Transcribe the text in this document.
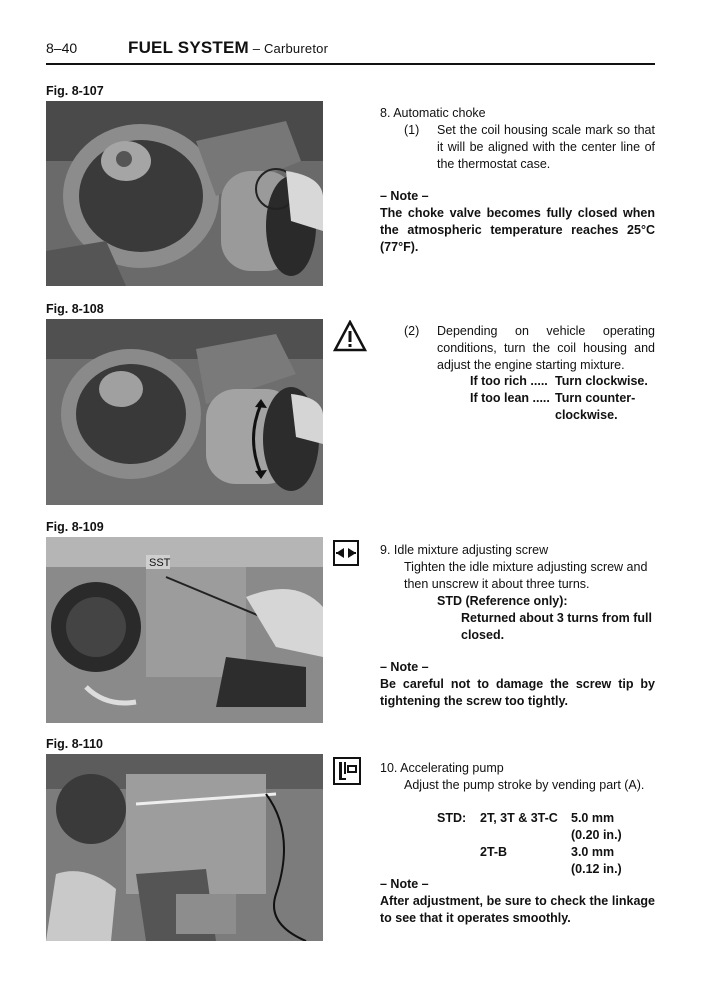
8–40	FUEL SYSTEM – Carburetor
Fig. 8-107
Fig. 8-108
Fig. 8-109
SST
Fig. 8-110
8. Automatic choke
(1) Set the coil housing scale mark so that it will be aligned with the center line of the thermostat case.
– Note –
The choke valve becomes fully closed when the atmospheric temperature reaches 25°C (77°F).
(2) Depending on vehicle operating conditions, turn the coil housing and adjust the engine starting mixture.
If too rich ..... Turn clockwise.
If too lean ..... Turn counter-
clockwise.
9. Idle mixture adjusting screw
Tighten the idle mixture adjusting screw and then unscrew it about three turns.
STD (Reference only):
Returned about 3 turns from full closed.
– Note –
Be careful not to damage the screw tip by tightening the screw too tightly.
10. Accelerating pump
Adjust the pump stroke by vending part (A).
STD: 2T, 3T & 3T-C 5.0 mm
(0.20 in.)
2T-B	3.0 mm
(0.12 in.)
– Note –
After adjustment, be sure to check the linkage to see that it operates smoothly.
